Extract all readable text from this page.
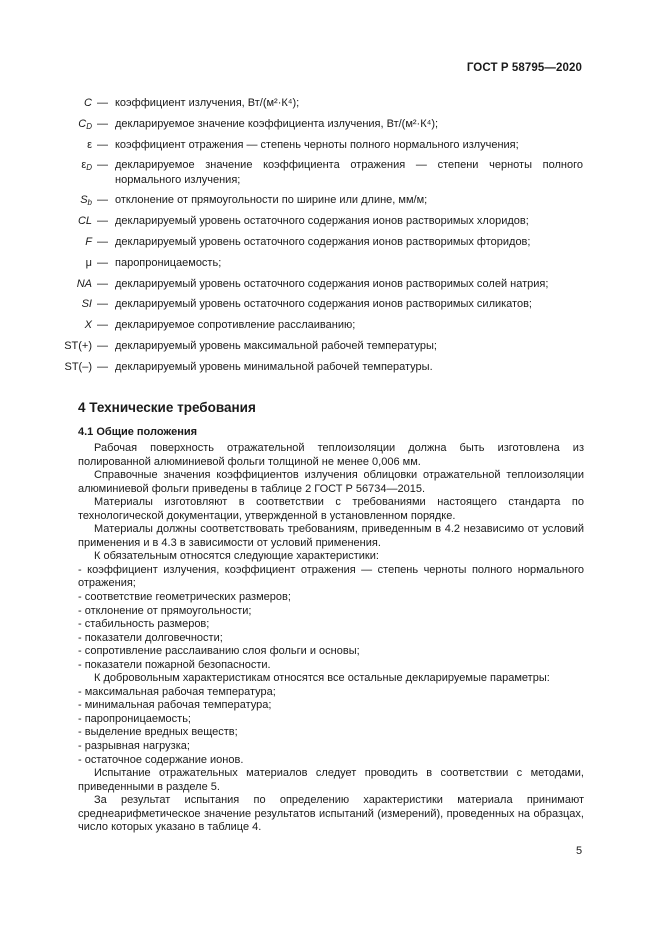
ГОСТ Р 58795—2020
C — коэффициент излучения, Вт/(м²·К⁴);
$C_D$ — декларируемое значение коэффициента излучения, Вт/(м²·К⁴);
ε — коэффициент отражения — степень черноты полного нормального излучения;
$\varepsilon_D$ — декларируемое значение коэффициента отражения — степени черноты полного нормального излучения;
$S_b$ — отклонение от прямоугольности по ширине или длине, мм/м;
CL — декларируемый уровень остаточного содержания ионов растворимых хлоридов;
F — декларируемый уровень остаточного содержания ионов растворимых фторидов;
μ — паропроницаемость;
NA — декларируемый уровень остаточного содержания ионов растворимых солей натрия;
SI — декларируемый уровень остаточного содержания ионов растворимых силикатов;
X — декларируемое сопротивление расслаиванию;
ST(+) — декларируемый уровень максимальной рабочей температуры;
ST(–) — декларируемый уровень минимальной рабочей температуры.
4 Технические требования
4.1 Общие положения

Рабочая поверхность отражательной теплоизоляции должна быть изготовлена из полированной алюминиевой фольги толщиной не менее 0,006 мм.

Справочные значения коэффициентов излучения облицовки отражательной теплоизоляции алюминиевой фольги приведены в таблице 2 ГОСТ Р 56734—2015.

Материалы изготовляют в соответствии с требованиями настоящего стандарта по технологической документации, утвержденной в установленном порядке.

Материалы должны соответствовать требованиям, приведенным в 4.2 независимо от условий применения и в 4.3 в зависимости от условий применения.

К обязательным относятся следующие характеристики:

- коэффициент излучения, коэффициент отражения — степень черноты полного нормального отражения;

- соответствие геометрических размеров;

- отклонение от прямоугольности;

- стабильность размеров;

- показатели долговечности;

- сопротивление расслаиванию слоя фольги и основы;

- показатели пожарной безопасности.

К добровольным характеристикам относятся все остальные декларируемые параметры:

- максимальная рабочая температура;

- минимальная рабочая температура;

- паропроницаемость;

- выделение вредных веществ;

- разрывная нагрузка;

- остаточное содержание ионов.

Испытание отражательных материалов следует проводить в соответствии с методами, приведенными в разделе 5.

За результат испытания по определению характеристики материала принимают среднеарифметическое значение результатов испытаний (измерений), проведенных на образцах, число которых указано в таблице 4.

5
